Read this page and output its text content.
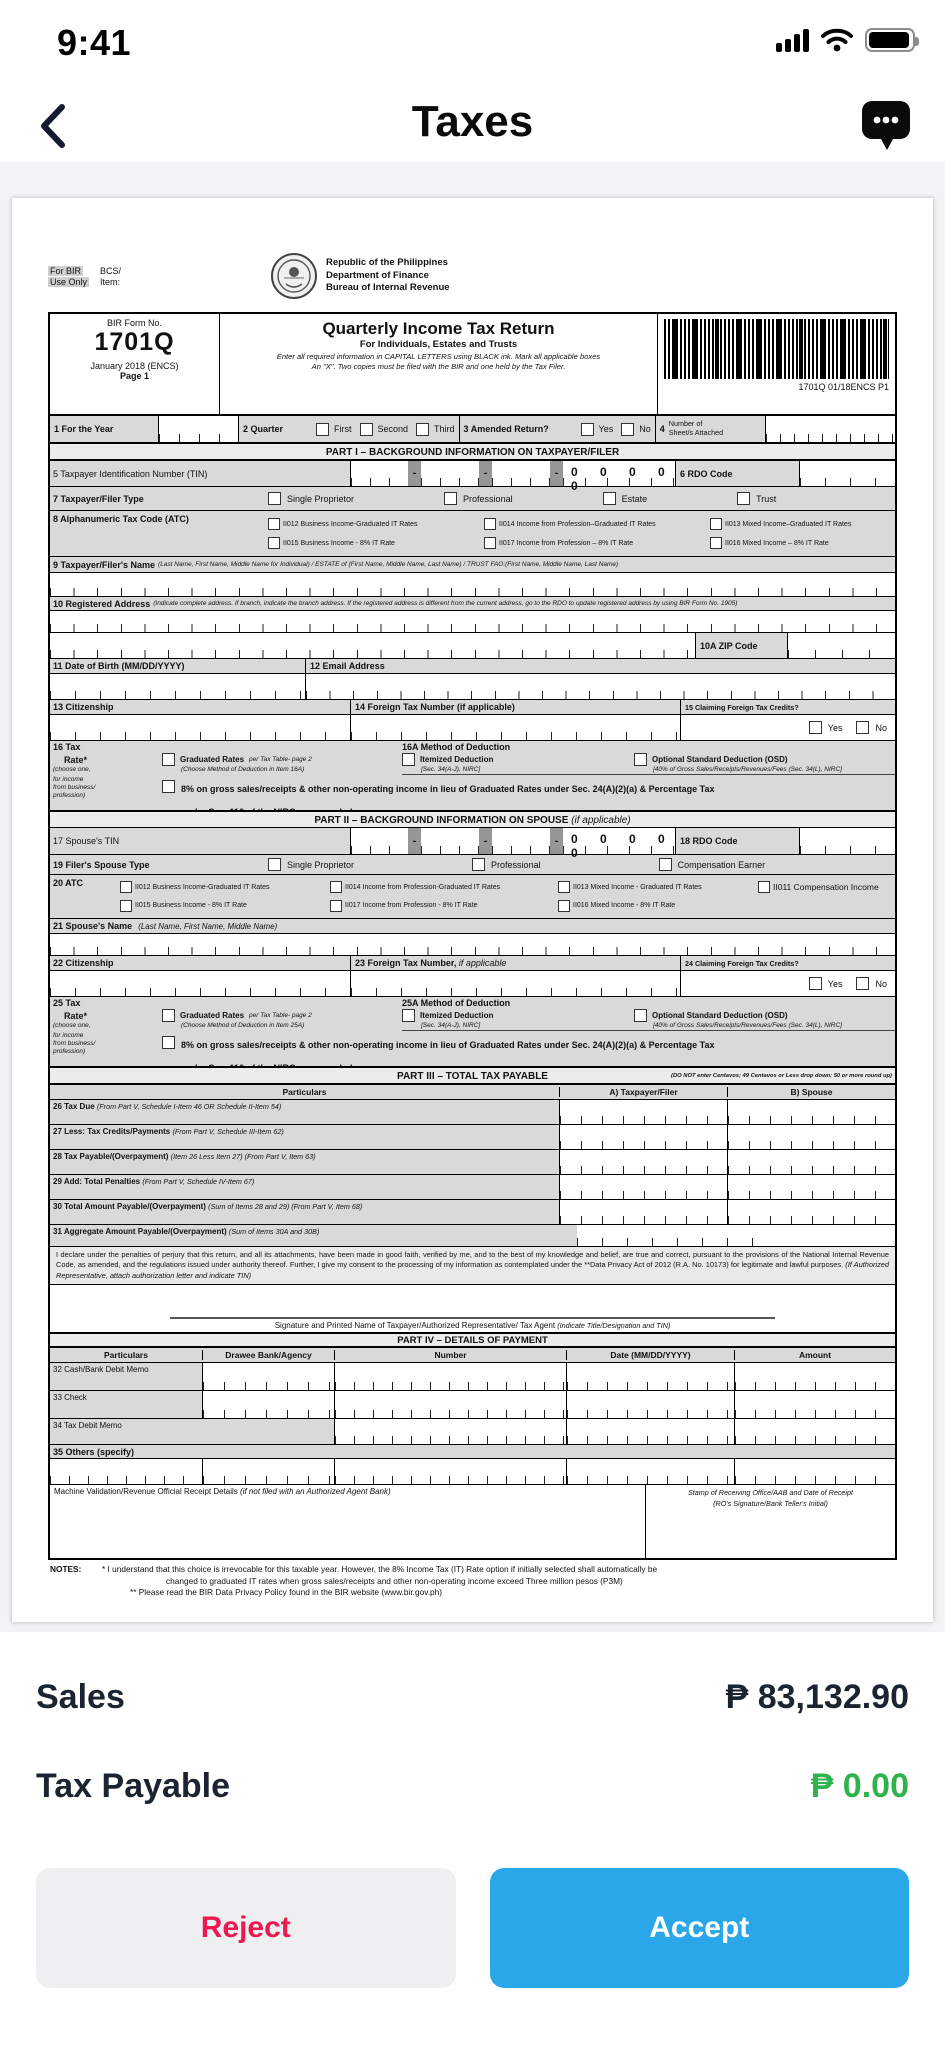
9:41
Taxes
For BIR
Use Only
BCS/
Item:
Republic of the Philippines
Department of Finance
Bureau of Internal Revenue
BIR Form No.
1701Q
January 2018 (ENCS)
Page 1
Quarterly Income Tax Return
For Individuals, Estates and Trusts
Enter all required information in CAPITAL LETTERS using BLACK ink. Mark all applicable boxes
An "X". Two copies must be filed with the BIR and one held by the Tax Filer.
1701Q 01/18ENCS P1
1 For the Year	2 Quarter	First	Second	Third	3 Amended Return?	Yes	No 4
Number of
Sheet/s Attached
PART I – BACKGROUND INFORMATION ON TAXPAYER/FILER
5 Taxpayer Identification Number (TIN)	-	-	-	0 0 0 0 0
6 RDO Code
7 Taxpayer/Filer Type	Single Proprietor	Professional	Estate	Trust
8 Alphanumeric Tax Code (ATC)	II012 Business Income-Graduated IT Rates	II014 Income from Profession–Graduated IT Rates	II013 Mixed Income–Graduated IT Rates
II015 Business Income - 8% IT Rate	II017 Income from Profession – 8% IT Rate	II016 Mixed Income – 8% IT Rate
9 Taxpayer/Filer's Name (Last Name, First Name, Middle Name for Individual) / ESTATE of (First Name, Middle Name, Last Name) / TRUST FAO:(First Name, Middle Name, Last Name)
10 Registered Address (Indicate complete address. If branch, indicate the branch address. If the registered address is different from the current address, go to the RDO to update registered address by using BIR Form No. 1905)
10A ZIP Code
11 Date of Birth (MM/DD/YYYY)	12 Email Address
13 Citizenship	14 Foreign Tax Number (if applicable)	15 Claiming Foreign Tax Credits?
Yes	No
16 Tax	16A Method of Deduction
Rate*	Graduated Rates per Tax Table- page 2	Itemized Deduction	Optional Standard Deduction (OSD)
(choose one,	(Choose Method of Deduction in Item 16A)	[Sec. 34(A-J), NIRC]	[40% of Gross Sales/Receipts/Revenues/Fees (Sec. 34(L), NIRC]
for income
from business/
profession)
8% on gross sales/receipts & other non-operating income in lieu of Graduated Rates under Sec. 24(A)(2)(a) & Percentage Tax

PART II – BACKGROUND INFORMATION ON SPOUSE (if applicable)
17 Spouse's TIN	-	-	-	0 0 0 0 0
18 RDO Code
19 Filer's Spouse Type	Single Proprietor	Professional	Compensation Earner
20 ATC	II012 Business Income-Graduated IT Rates	II014 Income from Profession-Graduated IT Rates	II013 Mixed Income - Graduated IT Rates	II011 Compensation Income
II015 Business Income - 8% IT Rate	II017 Income from Profession - 8% IT Rate	II016 Mixed Income - 8% IT Rate
21 Spouse's Name (Last Name, First Name, Middle Name)
22 Citizenship	23 Foreign Tax Number,
if applicable	24 Claiming Foreign Tax Credits?
Yes	No
25 Tax	25A Method of Deduction
Rate*	Graduated Rates per Tax Table- page 2	Itemized Deduction	Optional Standard Deduction (OSD)
(choose one,	(Choose Method of Deduction in Item 25A)	[Sec. 34(A-J), NIRC]	[40% of Gross Sales/Receipts/Revenues/Fees (Sec. 34(L), NIRC]
for income
from business/
profession)
8% on gross sales/receipts & other non-operating income in lieu of Graduated Rates under Sec. 24(A)(2)(a) & Percentage Tax

PART III – TOTAL TAX PAYABLE	(DO NOT enter Centavos; 49 Centavos or Less drop down; 50 or more round up)
Particulars	A) Taxpayer/Filer	B) Spouse
26 Tax Due (From Part V, Schedule I-Item 46 OR Schedule II-Item 54)
27 Less: Tax Credits/Payments (From Part V, Schedule III-Item 62)
28 Tax Payable/(Overpayment) (Item 26 Less Item 27) (From Part V, Item 63)
29 Add: Total Penalties (From Part V, Schedule IV-Item 67)
30 Total Amount Payable/(Overpayment) (Sum of Items 28 and 29) (From Part V, Item 68)
31 Aggregate Amount Payable/(Overpayment) (Sum of Items 30A and 30B)
I declare under the penalties of perjury that this return, and all its attachments, have been made in good faith, verified by me, and to the best of my knowledge and belief, are true and correct, pursuant to the provisions of the National Internal Revenue Code, as amended, and the regulations issued under authority thereof. Further, I give my consent to the processing of my information as contemplated under the **Data Privacy Act of 2012 (R.A. No. 10173) for legitimate and lawful purposes. (If Authorized Representative, attach authorization letter and indicate TIN)
Signature and Printed Name of Taxpayer/Authorized Representative/ Tax Agent (Indicate Title/Designation and TIN)
PART IV – DETAILS OF PAYMENT
Particulars	Drawee Bank/Agency	Number	Date (MM/DD/YYYY)	Amount
32 Cash/Bank Debit Memo
33 Check
34 Tax Debit Memo
35 Others (specify)
Machine Validation/Revenue Official Receipt Details (if not filed with an Authorized Agent Bank)	Stamp of Receiving Office/AAB and Date of Receipt
(RO's Signature/Bank Teller's Initial)
NOTES:	* I understand that this choice is irrevocable for this taxable year. However, the 8% Income Tax (IT) Rate option if initially selected shall automatically be
changed to graduated IT rates when gross sales/receipts and other non-operating income exceed Three million pesos (P3M)
** Please read the BIR Data Privacy Policy found in the BIR website (www.bir.gov.ph)
Sales	₱ 83,132.90
Tax Payable	₱ 0.00
Reject	Accept
